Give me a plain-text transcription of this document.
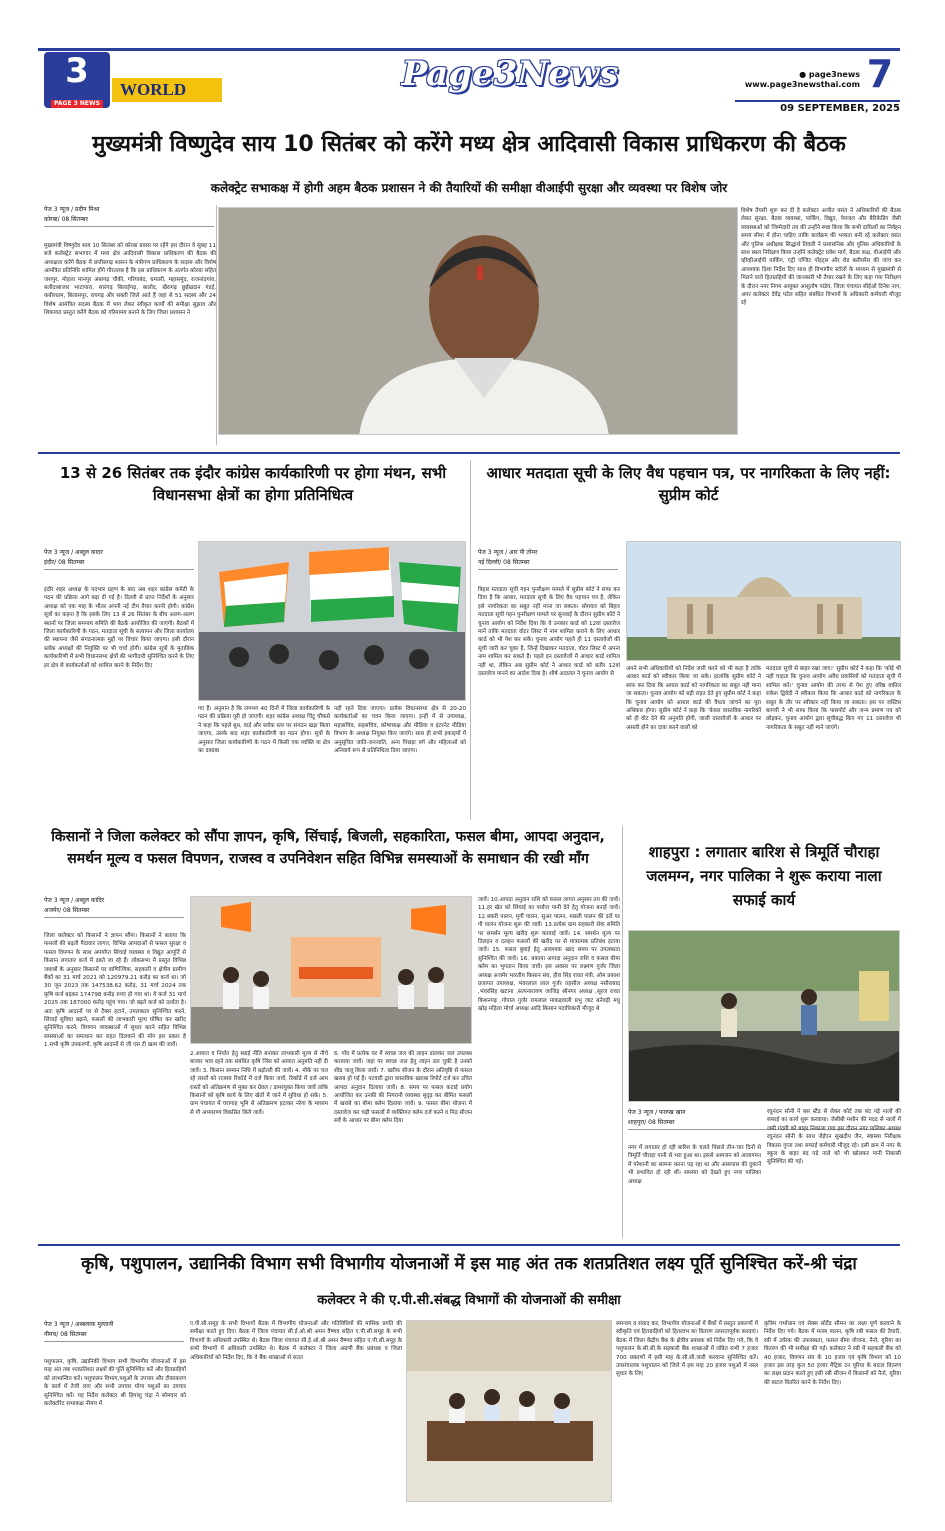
3
PAGE 3 NEWS
WORLD	Page3News	● page3news
www.page3newsthai.com 7
09 SEPTEMBER, 2025
मुख्यमंत्री विष्णुदेव साय 10 सितंबर को करेंगे मध्य क्षेत्र आदिवासी विकास प्राधिकरण की बैठक
कलेक्ट्रेट सभाकक्ष में होगी अहम बैठक प्रशासन ने की तैयारियों की समीक्षा वीआईपी सुरक्षा और व्यवस्था पर विशेष जोर
पेज 3 न्यूज / प्रदीप मिश्रा
कोरबा/ 08 सितम्बर
मुख्यमंत्री विष्णुदेव साय 10 सितंबर को कोरबा प्रवास पर रहेंगे इस दौरान वे सुबह 11 बजे कलेक्ट्रेट सभागार में मध्य क्षेत्र आदिवासी विकास प्राधिकरण की बैठक की अध्यक्षता करेंगे बैठक में छत्तीसगढ़ शासन के मंत्रीगण प्राधिकरण के सदस्य और विशेष आमंत्रित प्रतिनिधि शामिल होंगे गौरतलब है कि इस प्राधिकरण के अंतर्गत कोरबा सहित जशपुर, मोहला मानपुर अंबागढ़ चौकी, गरियाबंद, धमतरी, महासमुंद, राजनांदगांव, बलौदाबाजार भाटापारा, सारंगढ़ बिलाईगढ़, बालोद, खैरागढ़ छुईखदान गंडई, कबीरधाम, बिलासपुर, रायगढ़ और सक्ती जिले आते हैं जहां से 51 सदस्य और 24 विशेष आमंत्रित सदस्य बैठक में भाग लेकर स्वीकृत कार्यों की समीक्षा सुझाव और शिकायत प्रस्तुत करेंगे बैठक को गरिमामय बनाने के लिए जिला प्रशासन ने
विशेष तैयारी शुरू कर दी है कलेक्टर अजीत वसंत ने अधिकारियों की बैठक लेकर सुरक्षा, बैठक व्यवस्था, पार्किंग, विद्युत, पेयजल और बैरिकेडिंग जैसी व्यवस्थाओं को जिम्मेदारी तय की उन्होंने स्पष्ट किया कि सभी दायित्वों का निर्वहन समय सीमा में होना चाहिए ताकि कार्यक्रम की भव्यता बनी रहे कलेक्टर वसंत और पुलिस अधीक्षक सिद्धार्थ तिवारी ने प्रशासनिक और पुलिस अधिकारियों के साथ स्थल निरीक्षण किया उन्होंने कलेक्ट्रेट प्रवेश मार्ग, बैठक कक्ष, वीआईपी और व्हीव्हीआईपी पार्किंग, एंट्री एग्जिट पॉइंट्स और रोड क्लीयरेंस की जांच कर आवश्यक दिशा निर्देश दिए साथ ही विभागीय स्टॉलों के माध्यम से मुख्यमंत्री से मिलने वाले हितग्राहियों की जानकारी भी तैयार रखने के लिए कहा गया निरीक्षण के दौरान नगर निगम आयुक्त आशुतोष पांडेय, जिला पंचायत सीईओ दिनेश नाग, अपर कलेक्टर देवेंद्र पटेल सहित संबंधित विभागों के अधिकारी कर्मचारी मौजूद रहे
13 से 26 सितंबर तक इंदौर कांग्रेस कार्यकारिणी पर होगा मंथन, सभी विधानसभा क्षेत्रों का होगा प्रतिनिधित्व
पेज 3 न्यूज / अब्दुल कादर
इंदौर/ 08 सितम्बर
इंदौर शहर अध्यक्ष के पदभार ग्रहण के बाद अब शहर कांग्रेस कमेटी के गठन की प्रक्रिया आगे बढ़ा दी गई है। दिल्ली से प्राप्त निर्देशों के अनुसार अध्यक्ष को एक माह के भीतर अपनी नई टीम तैयार करनी होगी। कांग्रेस सूत्रों का कहना है कि इसके लिए 13 से 26 सितंबर के बीच अलग-अलग स्थानों पर जिला समन्वय समिति की बैठकें आयोजित की जाएंगी। बैठकों में जिला कार्यकारिणी के गठन, मतदाता सूची के सत्यापन और जिला कार्यालय की स्थापना जैसे संगठनात्मक मुद्दों पर विचार किया जाएगा। इसी दौरान ब्लॉक अध्यक्षों की नियुक्ति पर भी चर्चा होगी। कांग्रेस सूत्रों के मुताबिक कार्यकारिणी में सभी विधानसभा क्षेत्रों की भागीदारी सुनिश्चित करने के लिए हर क्षेत्र से कार्यकर्ताओं को शामिल करने के निर्देश दिए
गए हैं। अनुमान है कि लगभग 40 दिनों में जिला कार्यकारिणी के गठन की प्रक्रिया पूरी हो जाएगी। शहर कांग्रेस अध्यक्ष चिंटू चौकसे ने कहा कि पहले बूथ, वार्ड और ब्लॉक स्तर पर संगठन खड़ा किया जाएगा, उसके बाद शहर कार्यकारिणी का गठन होगा। सूत्रों के अनुसार जिला कार्यकारिणी के गठन में किसी एक व्यक्ति या क्षेत्र का दबदबा
नहीं रहने दिया जाएगा। प्रत्येक विधानसभा क्षेत्र से 20-20 कार्यकर्ताओं का चयन किया जाएगा। इन्हीं में से उपाध्यक्ष, महासचिव, सहसचिव, कोषाध्यक्ष और मीडिया व इंटरनेट मीडिया विभाग के अध्यक्ष नियुक्त किए जाएंगे। साथ ही सभी इकाइयों में अनुसूचित जाति-जनजाति, अन्य पिछड़ा वर्ग और महिलाओं को अनिवार्य रूप से प्रतिनिधित्व दिया जाएगा।
आधार मतदाता सूची के लिए वैध पहचान पत्र, पर नागरिकता के लिए नहीं: सुप्रीम कोर्ट
पेज 3 न्यूज / आर पी तोमर
नई दिल्ली/ 08 सितम्बर
बिहार मतदाता सूची गहन पुनरीक्षण मामले में सुप्रीम कोर्ट ने साफ कर दिया है कि आधार, मतदाता सूची के लिए वैध पहचान पत्र है, लेकिन इसे नागरिकता का सबूत नहीं माना जा सकता। सोमवार को बिहार मतदाता सूची गहन पुनरीक्षण मामले पर सुनवाई के दौरान सुप्रीम कोर्ट ने चुनाव आयोग को निर्देश दिया कि वे उनकार कार्ड को 12वां दस्तावेज मानें ताकि मतदाता वोटर लिस्ट में नाम शामिल कराने के लिए आधार कार्ड को भी पेश कर सकें। चुनाव आयोग पहले ही 11 दस्तावेजों की सूची जारी कर चुका है, जिन्हें दिखाकर मतदाता, वोटर लिस्ट में अपना नाम शामिल कर सकते हैं। पहले इन दस्तावेजों में आधार कार्ड शामिल नहीं था, लेकिन अब सुप्रीम कोर्ट ने आधार कार्ड को बतौर 12वां दस्तावेज मानने का आदेश दिया है। शीर्ष अदालत ने चुनाव आयोग से
अपने सभी अधिकारियों को निर्देश जारी करने को भी कहा है ताकि आधार कार्ड को स्वीकार किया जा सके। हालांकि सुप्रीम कोर्ट ने साफ कर दिया कि आधार कार्ड को नागरिकता का सबूत नहीं माना जा सकता। चुनाव आयोग को बड़ी राहत देते हुए सुप्रीम कोर्ट ने कहा कि चुनाव आयोग को आधार कार्ड की वैधता जांचने का पूरा अधिकार होगा। सुप्रीम कोर्ट ने कहा कि 'केवल वास्तविक नागरिकों को ही वोट देने की अनुमति होगी, जाली दस्तावेजों के आधार पर असली होने का दावा करने वालों को
मतदाता सूची से बाहर रखा जाए।' सुप्रीम कोर्ट ने कहा कि 'कोई भी नहीं चाहता कि चुनाव आयोग अवैध प्रवासियों को मतदाता सूची में शामिल करे।' चुनाव आयोग की तरफ से पेश हुए वरिष्ठ वकील राकेश द्विवेदी ने स्वीकार किया कि आधार कार्ड को नागरिकता के सबूत के तौर पर स्वीकार नहीं किया जा सकता। इस पर जस्टिस बागची ने भी साफ किया कि पासपोर्ट और जन्म प्रमाण पत्र को छोड़कर, चुनाव आयोग द्वारा सूचीबद्ध किए गए 11 दस्तावेज भी नागरिकता के सबूत नहीं माने जाएंगे।
किसानों ने जिला कलेक्टर को सौंपा ज्ञापन, कृषि, सिंचाई, बिजली, सहकारिता, फसल बीमा, आपदा अनुदान, समर्थन मूल्य व फसल विपणन, राजस्व व उपनिवेशन सहित विभिन्न समस्याओं के समाधान की रखी माँग
पेज 3 न्यूज / अब्दुल कादिर
अजमेर/ 08 सितम्बर
जिला कलेक्टर को किसानों ने ज्ञापन सौंपा। किसानों ने बताया कि फसलों की बढ़ती पैदावार लागत, विभिन्न आपदाओं से फसल सुरक्षा व फसल विपणन के साथ अपर्याप्त सिंचाई व्यवस्था व विद्युत आपूर्ति से किसान लगातार कर्ज में दबते जा रहे हैं। लोकसभा में प्रस्तुत विभिन्न जवाबों के अनुसार किसानों पर वाणिज्यिक, सहकारी व क्षेत्रीय ग्रामीण बैंकों का 31 मार्च 2021 को 120979.21 करोड़ का कर्ज था। जो 30 जून 2023 तक 147538.62 करोड़, 31 मार्च 2024 तक कृषि कर्ज बढ़कर 174798 करोड़ रुपए हो गया था। ये कर्ज 31 मार्च 2025 तक 187000 करोड़ पहुंच गया। जो बढ़ते कर्ज को दर्शाता है। अतः कृषि आदानों पर से टैक्स हटाने, उपलब्धता सुनिश्चित करने, सिंचाई सुविधा बढ़ाने, फसलों की लाभकारी मूल्य घोषित कर खरीद सुनिश्चित करने, विपणन व्यवस्थाओं में सुधार करने सहित विभिन्न समस्याओं का समाधान कर राहत दिलवाने की माँग इस प्रकार है 1.सभी कृषि उपकरणों, कृषि आदानों से जी एस टी खत्म की जावें।
2.आयात व निर्यात हेतु स्थाई नीति बनाकर लाभकारी मूल्य से नीचे बाजार भाव रहने तक संबंधित कृषि जिंस को आयात अनुमति नहीं दी जावें। 3. किसान सम्मान निधि में बढ़ोतरी की जावें। 4. मौके पर चल रहे रास्तों को राजस्व रिकॉर्ड में दर्ज किया जावें, रिकॉर्ड में दर्ज आम रास्तों को अतिक्रमण से मुक्त कर ग्रेवल / डामरयुक्त किया जावें ताकि किसानों को कृषि कार्य के लिए खेतों में जाने में सुविधा हो सके। 5. ग्राम पंचायत में चरागाह भूमि से अतिक्रमण हटाकर नरेगा के माध्यम से गौ अभ्यारण्य विकसित किये जावें।
6. गाँव में प्रत्येक घर में स्वच्छ जल की लाइन डालकर जल उपलब्ध करवाया जावें। जहां पर स्वच्छ जल हेतु लाइन डल चुकी है उनको शीघ्र चालू किया जावें। 7. खरीफ सीजन के दौरान अतिवृष्टि से फसल खराब हो गई है। पटवारी द्वारा वास्तविक खराबा रिपोर्ट दर्ज कर उचित आपदा अनुदान दिलाया जावें। 8. समय पर फसल कटाई प्रयोग आयोजित कर उनकी की निगरानी व्यवस्था सुदृढ़ कर बीमित फसलों में खराबे का बीमा क्लेम दिलाया जावें। 9. फसल बीमा योजना में दस्तावेज कर चढ़ी फसलों में व्यक्तिगत क्लेम दर्ज करने व मिड सीजन सर्वे के आधार पर बीमा क्लेम दिया
जावें। 10.आपदा अनुदान राशि को फसल लागत अनुसार तय की जावें। 11.हर खेत को सिंचाई का पर्याप्त पानी देने हेतु योजना बनाई जावें। 12.बकरी पालन, मुर्गी पालन, सुअर पालन, मछली पालन की दरों पर गौ पालन योजना शुरू की जावें। 13.प्रत्येक ग्राम सहकारी सेवा समिति पर समर्थन मूल्य खरीद शुरू करवाई जावें। 14. समर्थन मूल्य पर तिलहन व दलहन फसलों की खरीद पर से मात्रात्मक प्रतिबंध हटाया जावें। 15. फसल बुवाई हेतु आवश्यक खाद समय पर उपलब्धता सुनिश्चित की जावें। 16. बकाया आपदा अनुदान राशि व फसल बीमा क्लेम का भुगतान किया जावें। इस अवसर पर लक्ष्मण गुर्जर जिला अध्यक्ष अजमेर भारतीय किसान संघ, हीरा सिंह रावत मंत्री, ओम प्रकाश प्रजापत उपाध्यक्ष, भंवरलाल लाल गुर्जर तहसील अध्यक्ष नसीराबाद ,भंवरसिंह खटाना ,सत्यनारायण जाजिड़ श्रीनगर अध्यक्ष ,सूरज रावत किशनगढ़ ,गोपाल गुर्जर रामलाल माकड़वाली प्रभु जाट बनेवड़ी मधु खोड़ महिला मोर्चा अध्यक्ष आदि किसान पदाधिकारी मौजूद थे
शाहपुरा : लगातार बारिश से त्रिमूर्ति चौराहा जलमग्न, नगर पालिका ने शुरू कराया नाला सफाई कार्य
पेज 3 न्यूज / फारुख खान
शाहपुरा/ 08 सितम्बर
नगर में लगातार हो रही बारिश के चलते पिछले तीन-चार दिनों से त्रिमूर्ति चौराहा पानी से भरा हुआ था। इससे आमजन को आवागमन में परेशानी का सामना करना पड़ रहा था और आसपास की दुकानें भी प्रभावित हो रही थीं। समस्या को देखते हुए नगर पालिका अध्यक्ष
रघुनंदन सोनी ने बस स्टैंड से लेकर कोर्ट तक बंद पड़े नालों की सफाई का कार्य शुरू करवाया। जेसीबी मशीन की मदद से नालों में जमी गंदगी को बाहर निकाला गया इस दौरान नगर पालिका अध्यक्ष रघुनंदन सोनी के साथ जेईएन सुखदीप जैन, स्वास्थ्य निरीक्षक विकास गुप्ता तथा सफाई कर्मचारी मौजूद रहे। इसी क्रम में नगर के स्कूल के बाहर बंद पड़े नाले को भी खोलकर पानी निकासी सुनिश्चित की गई।
कृषि, पशुपालन, उद्यानिकी विभाग सभी विभागीय योजनाओं में इस माह अंत तक शतप्रतिशत लक्ष्य पूर्ति सुनिश्चित करें-श्री चंद्रा
कलेक्टर ने की ए.पी.सी.संबद्ध विभागों की योजनाओं की समीक्षा
पेज 3 न्यूज / अब्बलाक मुल्तानी
नीमच/ 08 सितम्बर
पशुपालन, कृषि, उद्यानिकी विभाग सभी विभागीय योजनाओं में इस माह अंत तक शतप्रतिशत लक्ष्यों की पूर्ति सुनिश्चित करें और हितग्राहियों को लाभान्वित करें। पशुपालन विभाग,पशुओं के उपचार और टीकाकरण के कार्य में तेजी लाए और सभी उपचार योग्य पशुओं का उपचार सुनिश्चित करें। यह निर्देश कलेक्टर श्री हिमांशु चंद्रा ने सोमवार को कलेक्टोरेट सभाकक्ष नीमच में
ए.पी.सी.समूह के सभी विभागों बैठक में विभागीय योजनाओं और गतिविधियों की मासिक प्रगति की समीक्षा करते हुए दिए। बैठक में जिला पंचायत सी.ई.ओ.श्री अमन वैष्णव सहित ए.पी.सी.समूह के सभी विभागों के अधिकारी उपस्थित थे। बैठक जिला पंचायत सी.ई.ओ.श्री अमन वैष्णव सहित ए.पी.सी.समूह के सभी विभागों में अधिकारी उपस्थित थे। बैठक में कलेक्टर ने जिला अग्रणी बैंक प्रबंधक व जिला अधिकारियों को निर्देश दिए, कि वे बैंक शाखाओं से सतत
समन्वय व संवाद कर, विभागीय योजनाओं में बैंकों में प्रस्तुत प्रकरणों में स्वीकृति एवं हितग्राहियों को हितलाभ का वितरण तत्परतापूर्वक करवाएं। बैठक में जिला केंद्रीय बैंक के क्षेत्रीय प्रबंधक को निर्देश दिए गये, कि वे पशुपालन के.सी.सी.के सहकारी बैंक शाखाओं में लंबित सभी 7 हजार 700 प्रकरणों में इसी माह के.सी.सी.जारी करवाना सुनिश्चित करें। उपसंचालक पशुपालन को जिले में इस माह 20 हजार पशुओं में नस्ल सुधार के लिए
कृत्रिम गर्भाधान एवं सेक्स सोर्टेड सीमन का लक्ष्य पूर्ण करवाने के निर्देश दिए गये। बैठक में मत्स्य पालन, कृषि रबी फसल की तैयारी, रबी में उर्वरक की उपलब्धता, फसल बीमा योजना, नैनो, यूरिया का वितरण की भी समीक्षा की गई। कलेक्टर ने रबी में सहकारी बैंक को 40 हजार, विपणन संघ के 10 हजार एवं कृषि विभाग को 10 हजार इस तरह कुल 50 हजार मैट्रिक टन यूरिया के बाटल वितरण का लक्ष्य प्रदान करते हुए इसी रबी सीजन में किसानों को नैनो, यूरिया की बाटल वितरित करने के निर्देश दिए।
